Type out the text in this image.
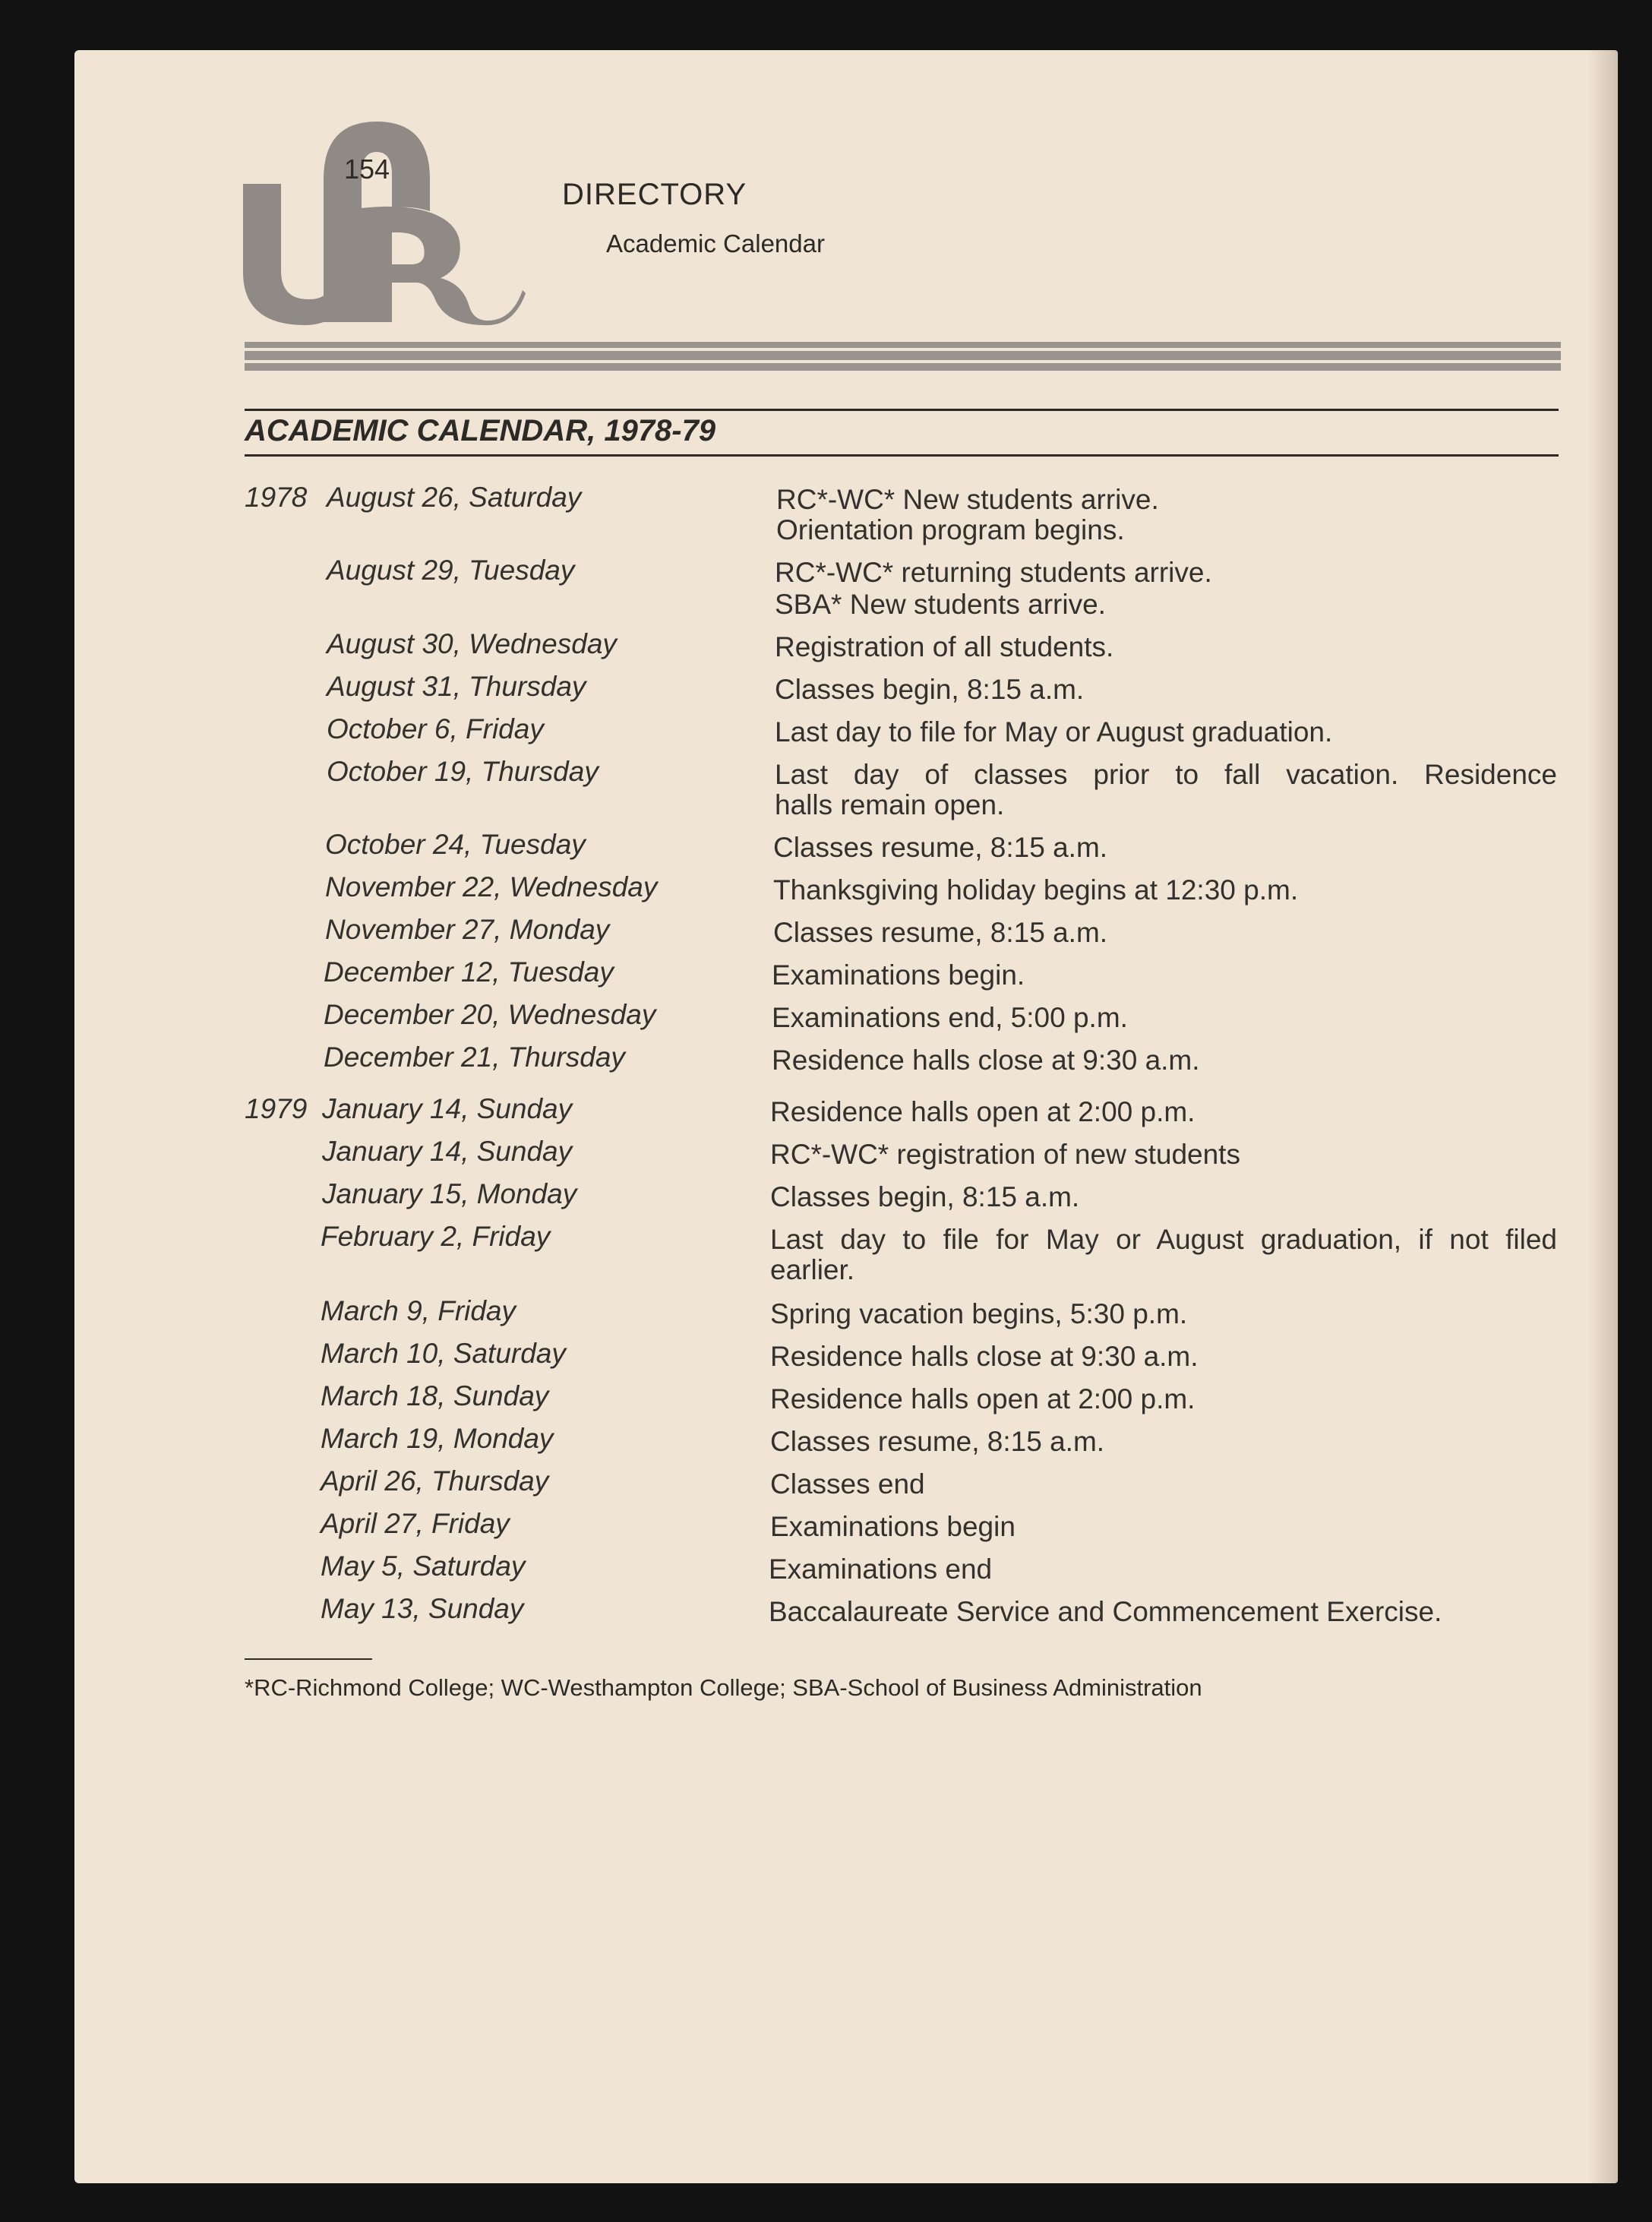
154
DIRECTORY
Academic Calendar
ACADEMIC CALENDAR, 1978-79
1978 August 26, Saturday	RC*-WC* New students arrive.
Orientation program begins.
August 29, Tuesday	RC*-WC* returning students arrive.
SBA* New students arrive.
August 30, Wednesday	Registration of all students.
August 31, Thursday	Classes begin, 8:15 a.m.
October 6, Friday	Last day to file for May or August graduation.
October 19, Thursday	Last day of classes prior to fall vacation. Residence
halls remain open.
October 24, Tuesday	Classes resume, 8:15 a.m.
November 22, Wednesday	Thanksgiving holiday begins at 12:30 p.m.
November 27, Monday	Classes resume, 8:15 a.m.
December 12, Tuesday	Examinations begin.
December 20, Wednesday	Examinations end, 5:00 p.m.
December 21, Thursday	Residence halls close at 9:30 a.m.
1979 January 14, Sunday	Residence halls open at 2:00 p.m.
January 14, Sunday	RC*-WC* registration of new students
January 15, Monday	Classes begin, 8:15 a.m.
February 2, Friday	Last day to file for May or August graduation, if not filed
earlier.
March 9, Friday	Spring vacation begins, 5:30 p.m.
March 10, Saturday	Residence halls close at 9:30 a.m.
March 18, Sunday	Residence halls open at 2:00 p.m.
March 19, Monday	Classes resume, 8:15 a.m.
April 26, Thursday	Classes end
April 27, Friday	Examinations begin
May 5, Saturday	Examinations end
May 13, Sunday	Baccalaureate Service and Commencement Exercise.
*RC-Richmond College; WC-Westhampton College; SBA-School of Business Administration
